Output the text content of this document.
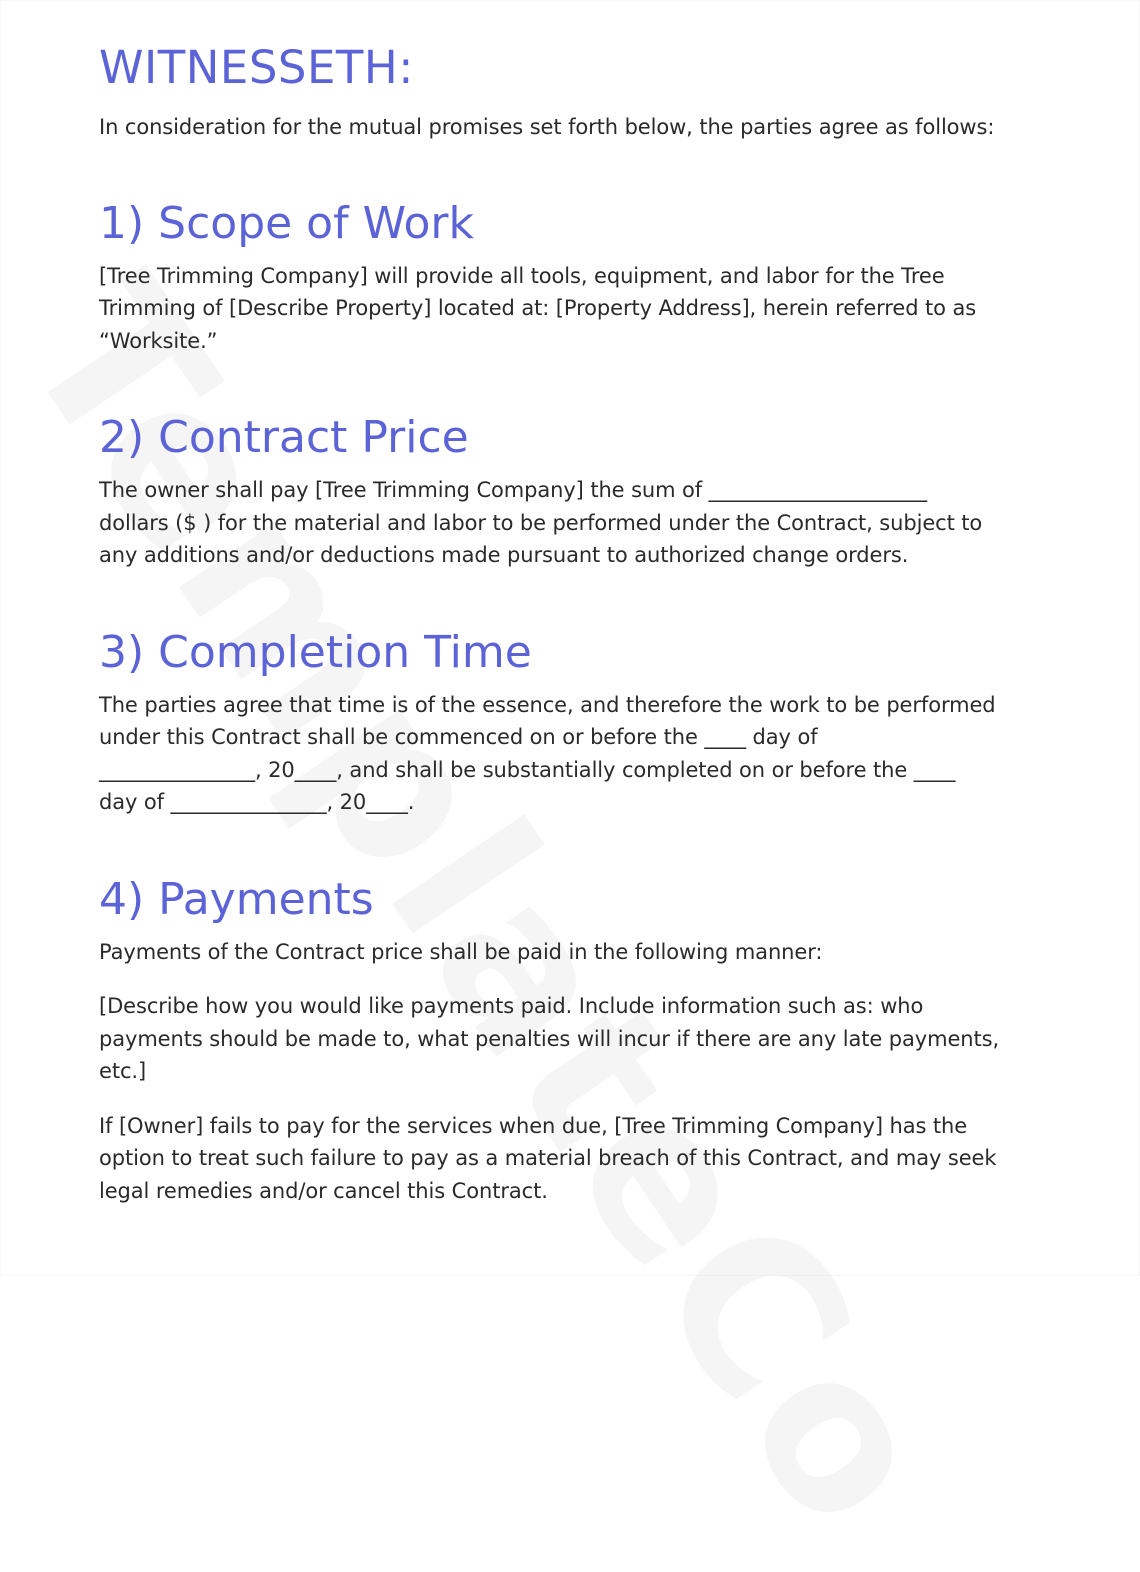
WITNESSETH:

In consideration for the mutual promises set forth below, the parties agree as follows:

1) Scope of Work

[Tree Trimming Company] will provide all tools, equipment, and labor for the Tree
Trimming of [Describe Property] located at: [Property Address], herein referred to as
“Worksite.”

2) Contract Price

The owner shall pay [Tree Trimming Company] the sum of _____________________
dollars ($ ) for the material and labor to be performed under the Contract, subject to
any additions and/or deductions made pursuant to authorized change orders.

3) Completion Time

The parties agree that time is of the essence, and therefore the work to be performed
under this Contract shall be commenced on or before the ____ day of
_______________, 20____, and shall be substantially completed on or before the ____
day of _______________, 20____.

4) Payments

Payments of the Contract price shall be paid in the following manner:

[Describe how you would like payments paid. Include information such as: who
payments should be made to, what penalties will incur if there are any late payments,
etc.]

If [Owner] fails to pay for the services when due, [Tree Trimming Company] has the
option to treat such failure to pay as a material breach of this Contract, and may seek
legal remedies and/or cancel this Contract.
